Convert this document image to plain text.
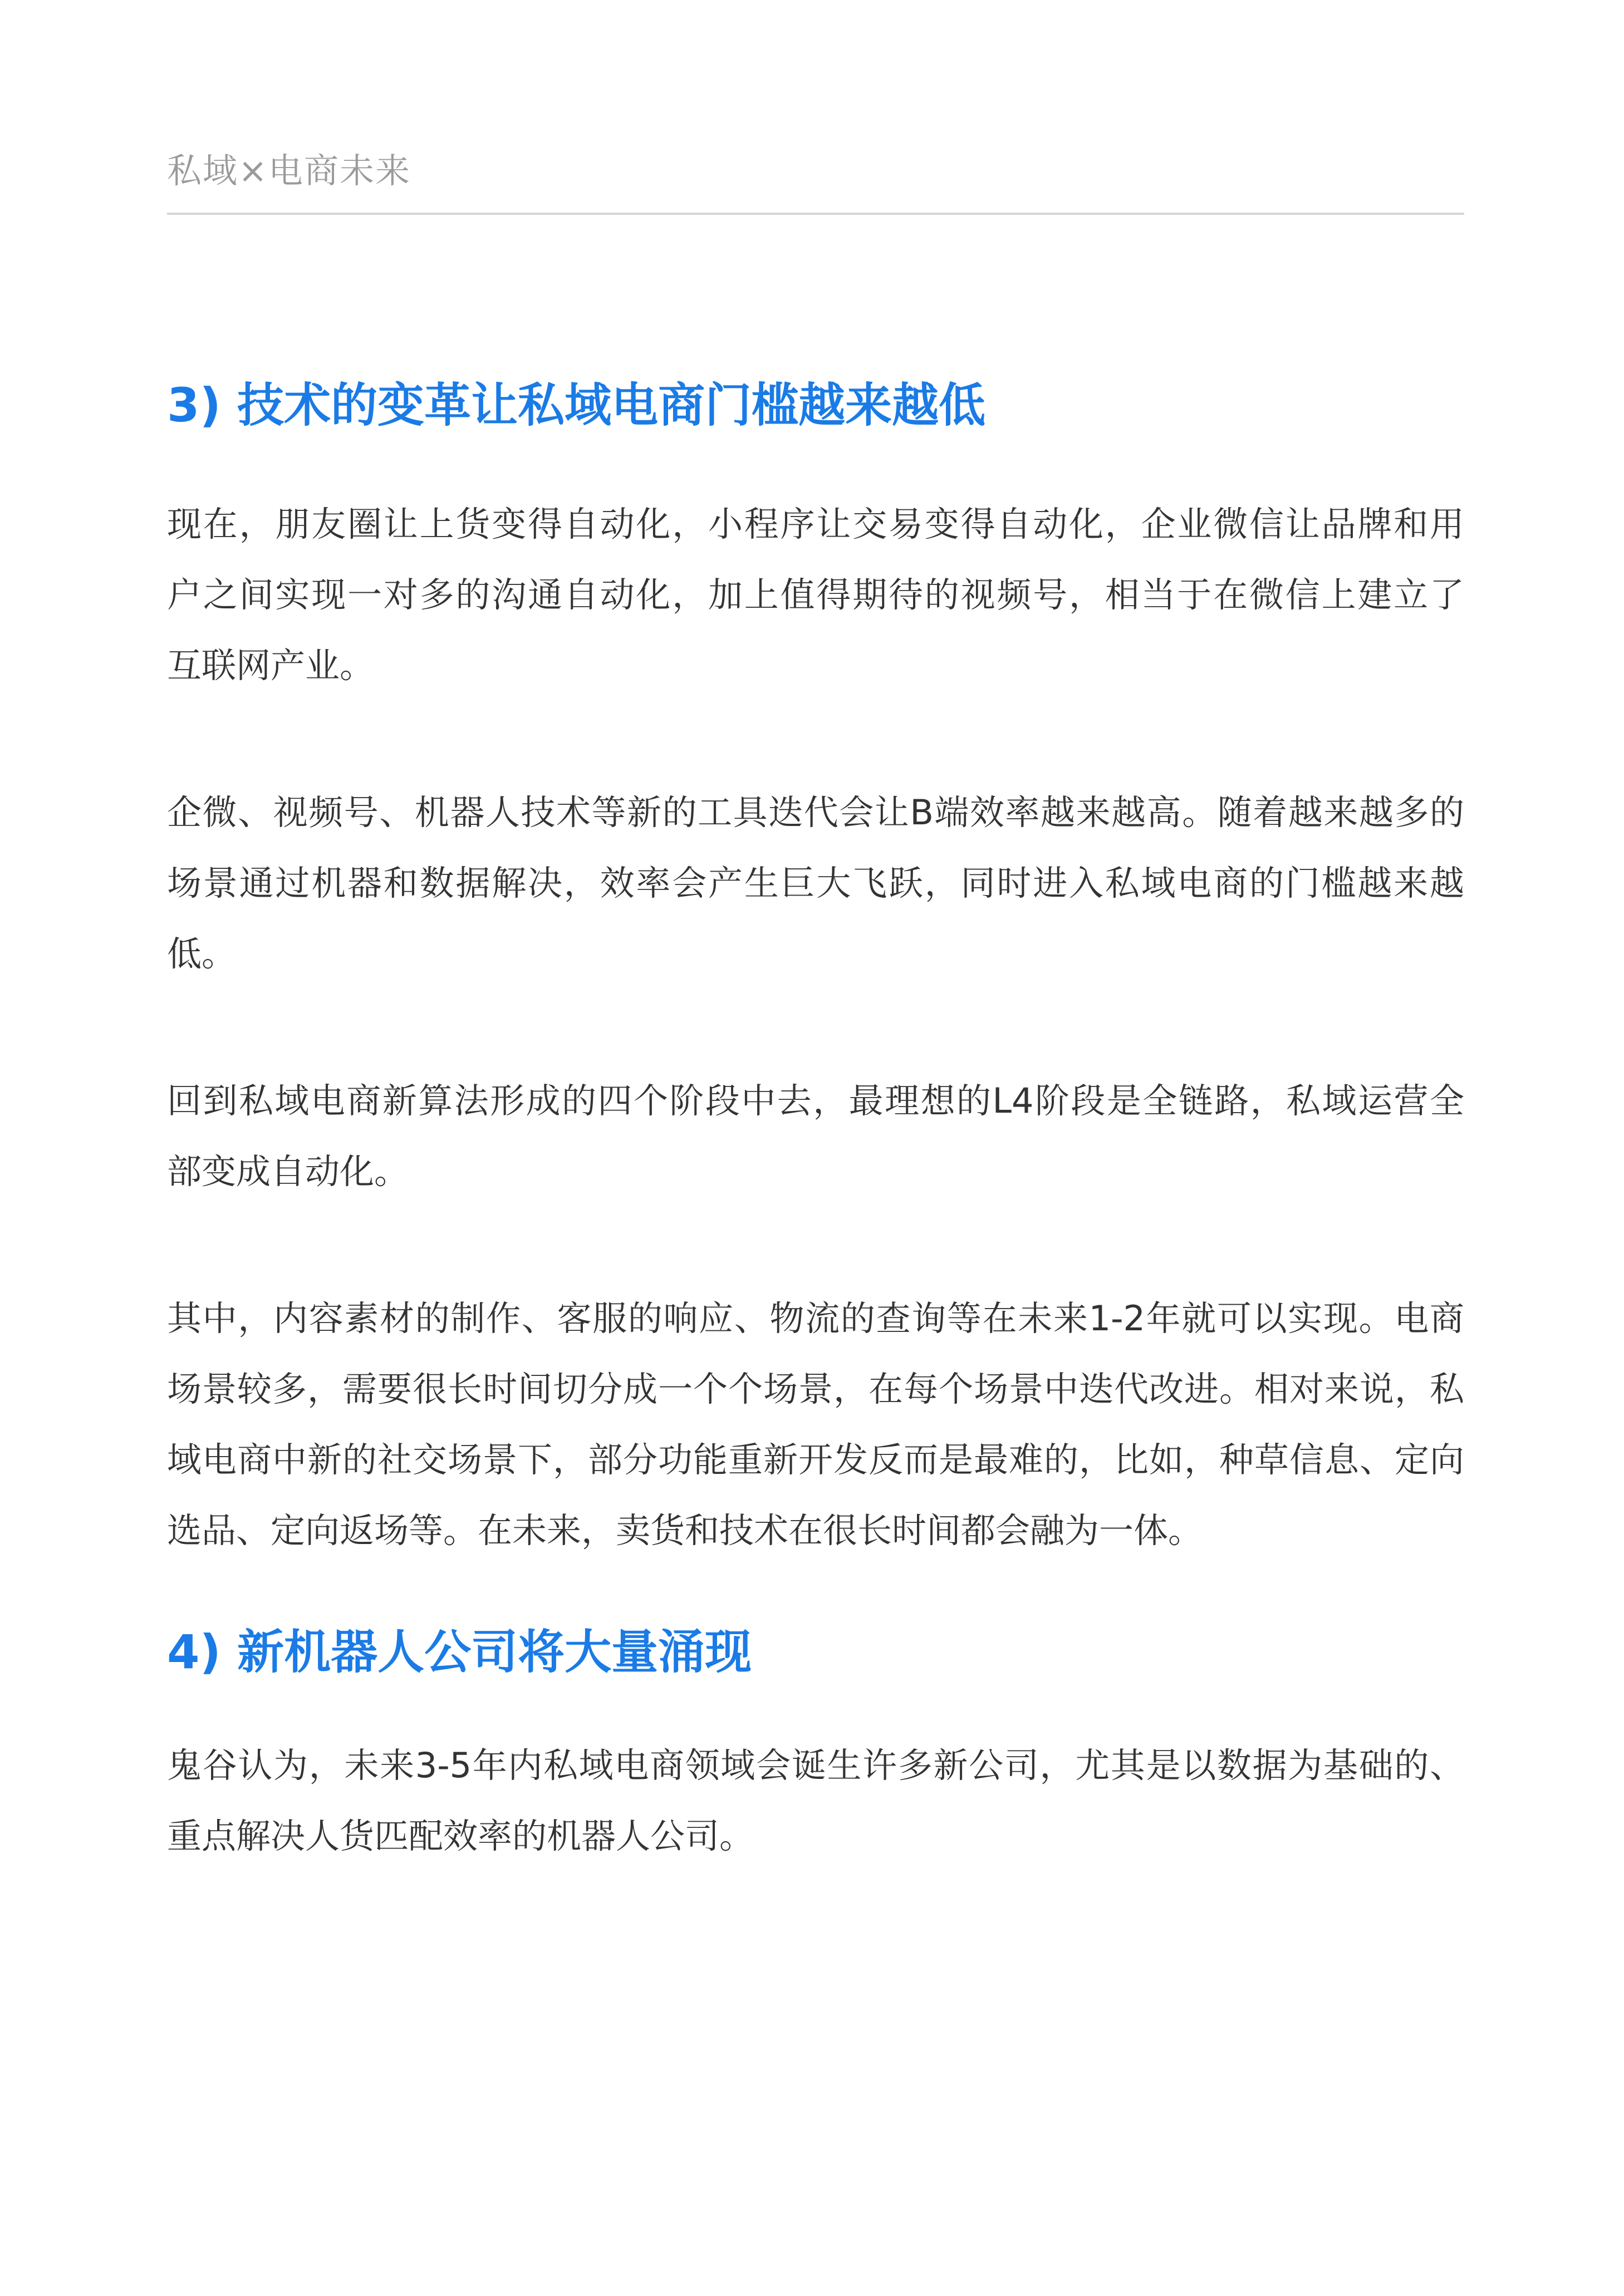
私域×电商未来
3) 技术的变革让私域电商门槛越来越低
现在，朋友圈让上货变得自动化，小程序让交易变得自动化，企业微信让品牌和用
户之间实现一对多的沟通自动化，加上值得期待的视频号，相当于在微信上建立了
互联网产业。
企微、视频号、机器人技术等新的工具迭代会让B端效率越来越高。随着越来越多的
场景通过机器和数据解决，效率会产生巨大飞跃，同时进入私域电商的门槛越来越
低。
回到私域电商新算法形成的四个阶段中去，最理想的L4阶段是全链路，私域运营全
部变成自动化。
其中，内容素材的制作、客服的响应、物流的查询等在未来1-2年就可以实现。电商
场景较多，需要很长时间切分成一个个场景，在每个场景中迭代改进。相对来说，私
域电商中新的社交场景下，部分功能重新开发反而是最难的，比如，种草信息、定向
选品、定向返场等。在未来，卖货和技术在很长时间都会融为一体。
4) 新机器人公司将大量涌现
鬼谷认为，未来3-5年内私域电商领域会诞生许多新公司，尤其是以数据为基础的、
重点解决人货匹配效率的机器人公司。
